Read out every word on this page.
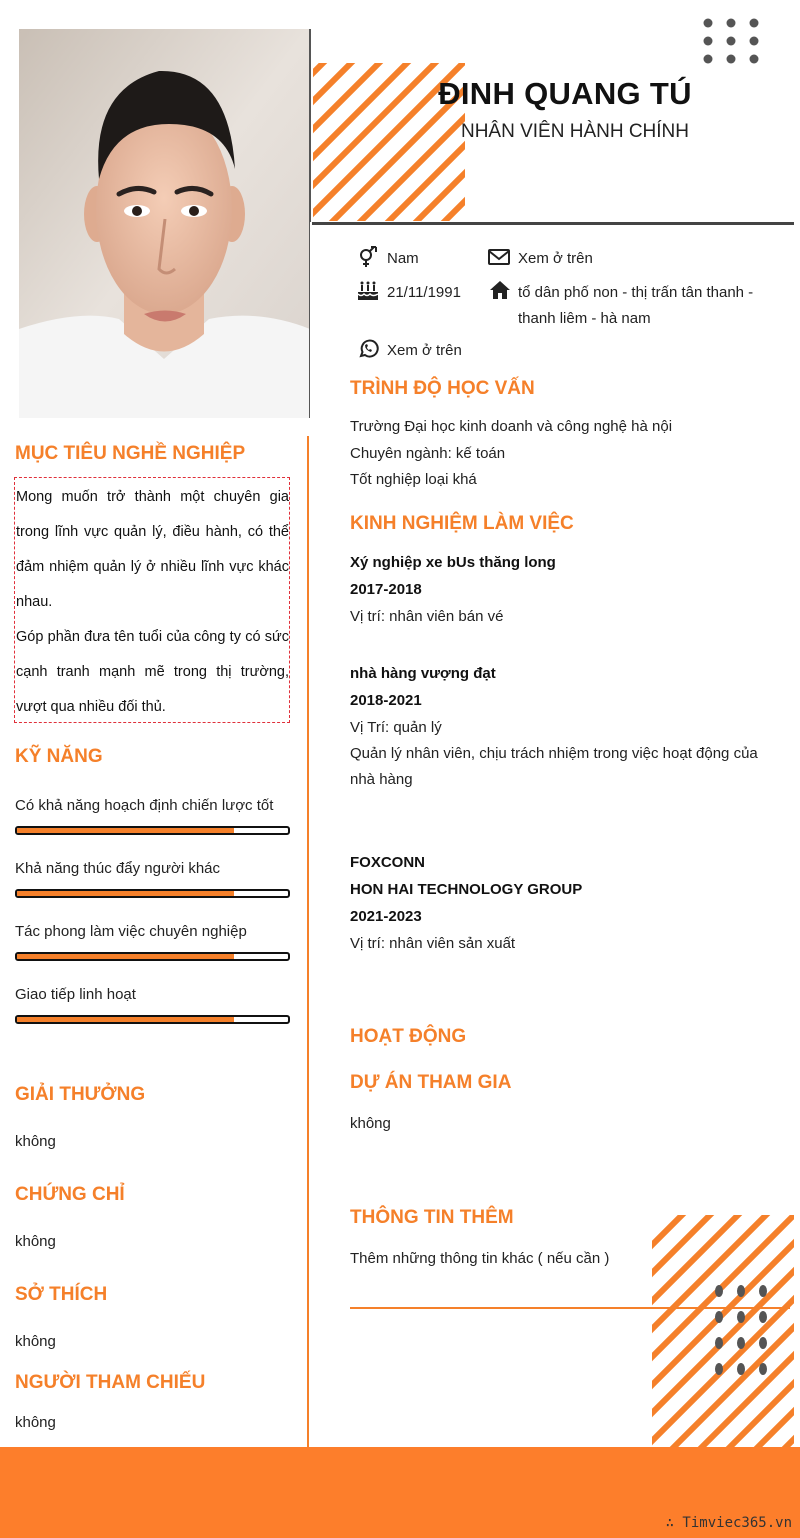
ĐINH QUANG TÚ
NHÂN VIÊN HÀNH CHÍNH
Nam	Xem ở trên
21/11/1991	tổ dân phố non - thị trấn tân thanh -
thanh liêm - hà nam
Xem ở trên
MỤC TIÊU NGHỀ NGHIỆP

Mong muốn trở thành một chuyên gia trong lĩnh vực quản lý, điều hành, có thể đảm nhiệm quản lý ở nhiều lĩnh vực khác nhau.

Góp phần đưa tên tuổi của công ty có sức cạnh tranh mạnh mẽ trong thị trường, vượt qua nhiều đối thủ.

KỸ NĂNG
Có khả năng hoạch định chiến lược tốt
Khả năng thúc đẩy người khác
Tác phong làm việc chuyên nghiệp
Giao tiếp linh hoạt
GIẢI THƯỞNG
không
CHỨNG CHỈ
không
SỞ THÍCH
không
NGƯỜI THAM CHIẾU
không
TRÌNH ĐỘ HỌC VẤN
Trường Đại học kinh doanh và công nghệ hà nội
Chuyên ngành: kế toán
Tốt nghiệp loại khá
KINH NGHIỆM LÀM VIỆC
Xý nghiệp xe bUs thăng long
2017-2018
Vị trí: nhân viên bán vé
nhà hàng vượng đạt
2018-2021
Vị Trí: quản lý
Quản lý nhân viên, chịu trách nhiệm trong việc hoạt động của
nhà hàng
FOXCONN
HON HAI TECHNOLOGY GROUP
2021-2023
Vị trí: nhân viên sản xuất
HOẠT ĐỘNG
DỰ ÁN THAM GIA
không
THÔNG TIN THÊM
Thêm những thông tin khác ( nếu cần )
∴ Timviec365.vn
